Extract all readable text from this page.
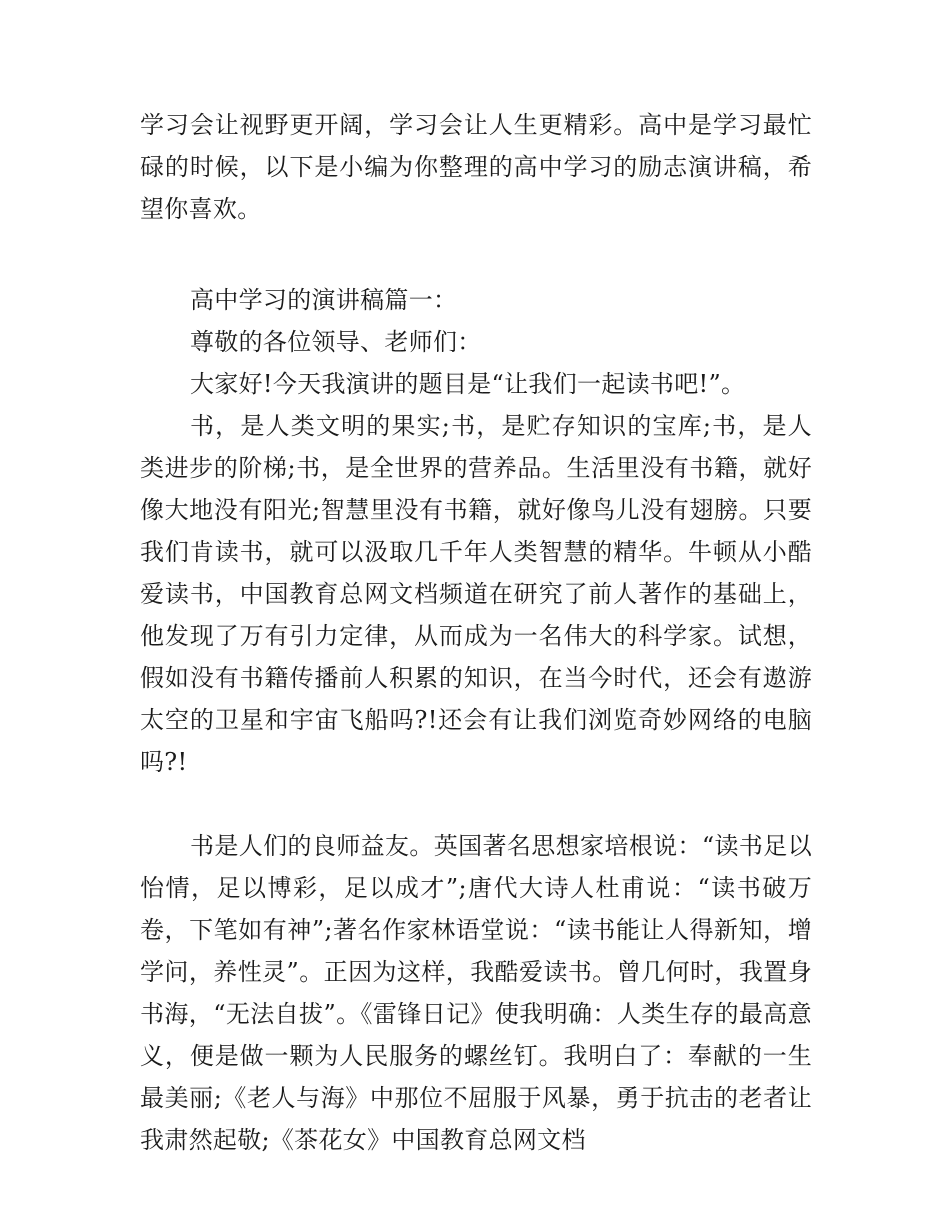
学习会让视野更开阔，学习会让人生更精彩。高中是学习最忙碌的时候，以下是小编为你整理的高中学习的励志演讲稿，希望你喜欢。

高中学习的演讲稿篇一：

尊敬的各位领导、老师们：

大家好!今天我演讲的题目是“让我们一起读书吧!”。

书，是人类文明的果实;书，是贮存知识的宝库;书，是人类进步的阶梯;书，是全世界的营养品。生活里没有书籍，就好像大地没有阳光;智慧里没有书籍，就好像鸟儿没有翅膀。只要我们肯读书，就可以汲取几千年人类智慧的精华。牛顿从小酷爱读书，中国教育总网文档频道在研究了前人著作的基础上，他发现了万有引力定律，从而成为一名伟大的科学家。试想，假如没有书籍传播前人积累的知识，在当今时代，还会有遨游太空的卫星和宇宙飞船吗?!还会有让我们浏览奇妙网络的电脑吗?!

书是人们的良师益友。英国著名思想家培根说：“读书足以怡情，足以博彩，足以成才”;唐代大诗人杜甫说：“读书破万卷，下笔如有神”;著名作家林语堂说：“读书能让人得新知，增学问，养性灵”。正因为这样，我酷爱读书。曾几何时，我置身书海，“无法自拔”。《雷锋日记》使我明确：人类生存的最高意义，便是做一颗为人民服务的螺丝钉。我明白了：奉献的一生最美丽;《老人与海》中那位不屈服于风暴，勇于抗击的老者让我肃然起敬;《茶花女》中国教育总网文档
